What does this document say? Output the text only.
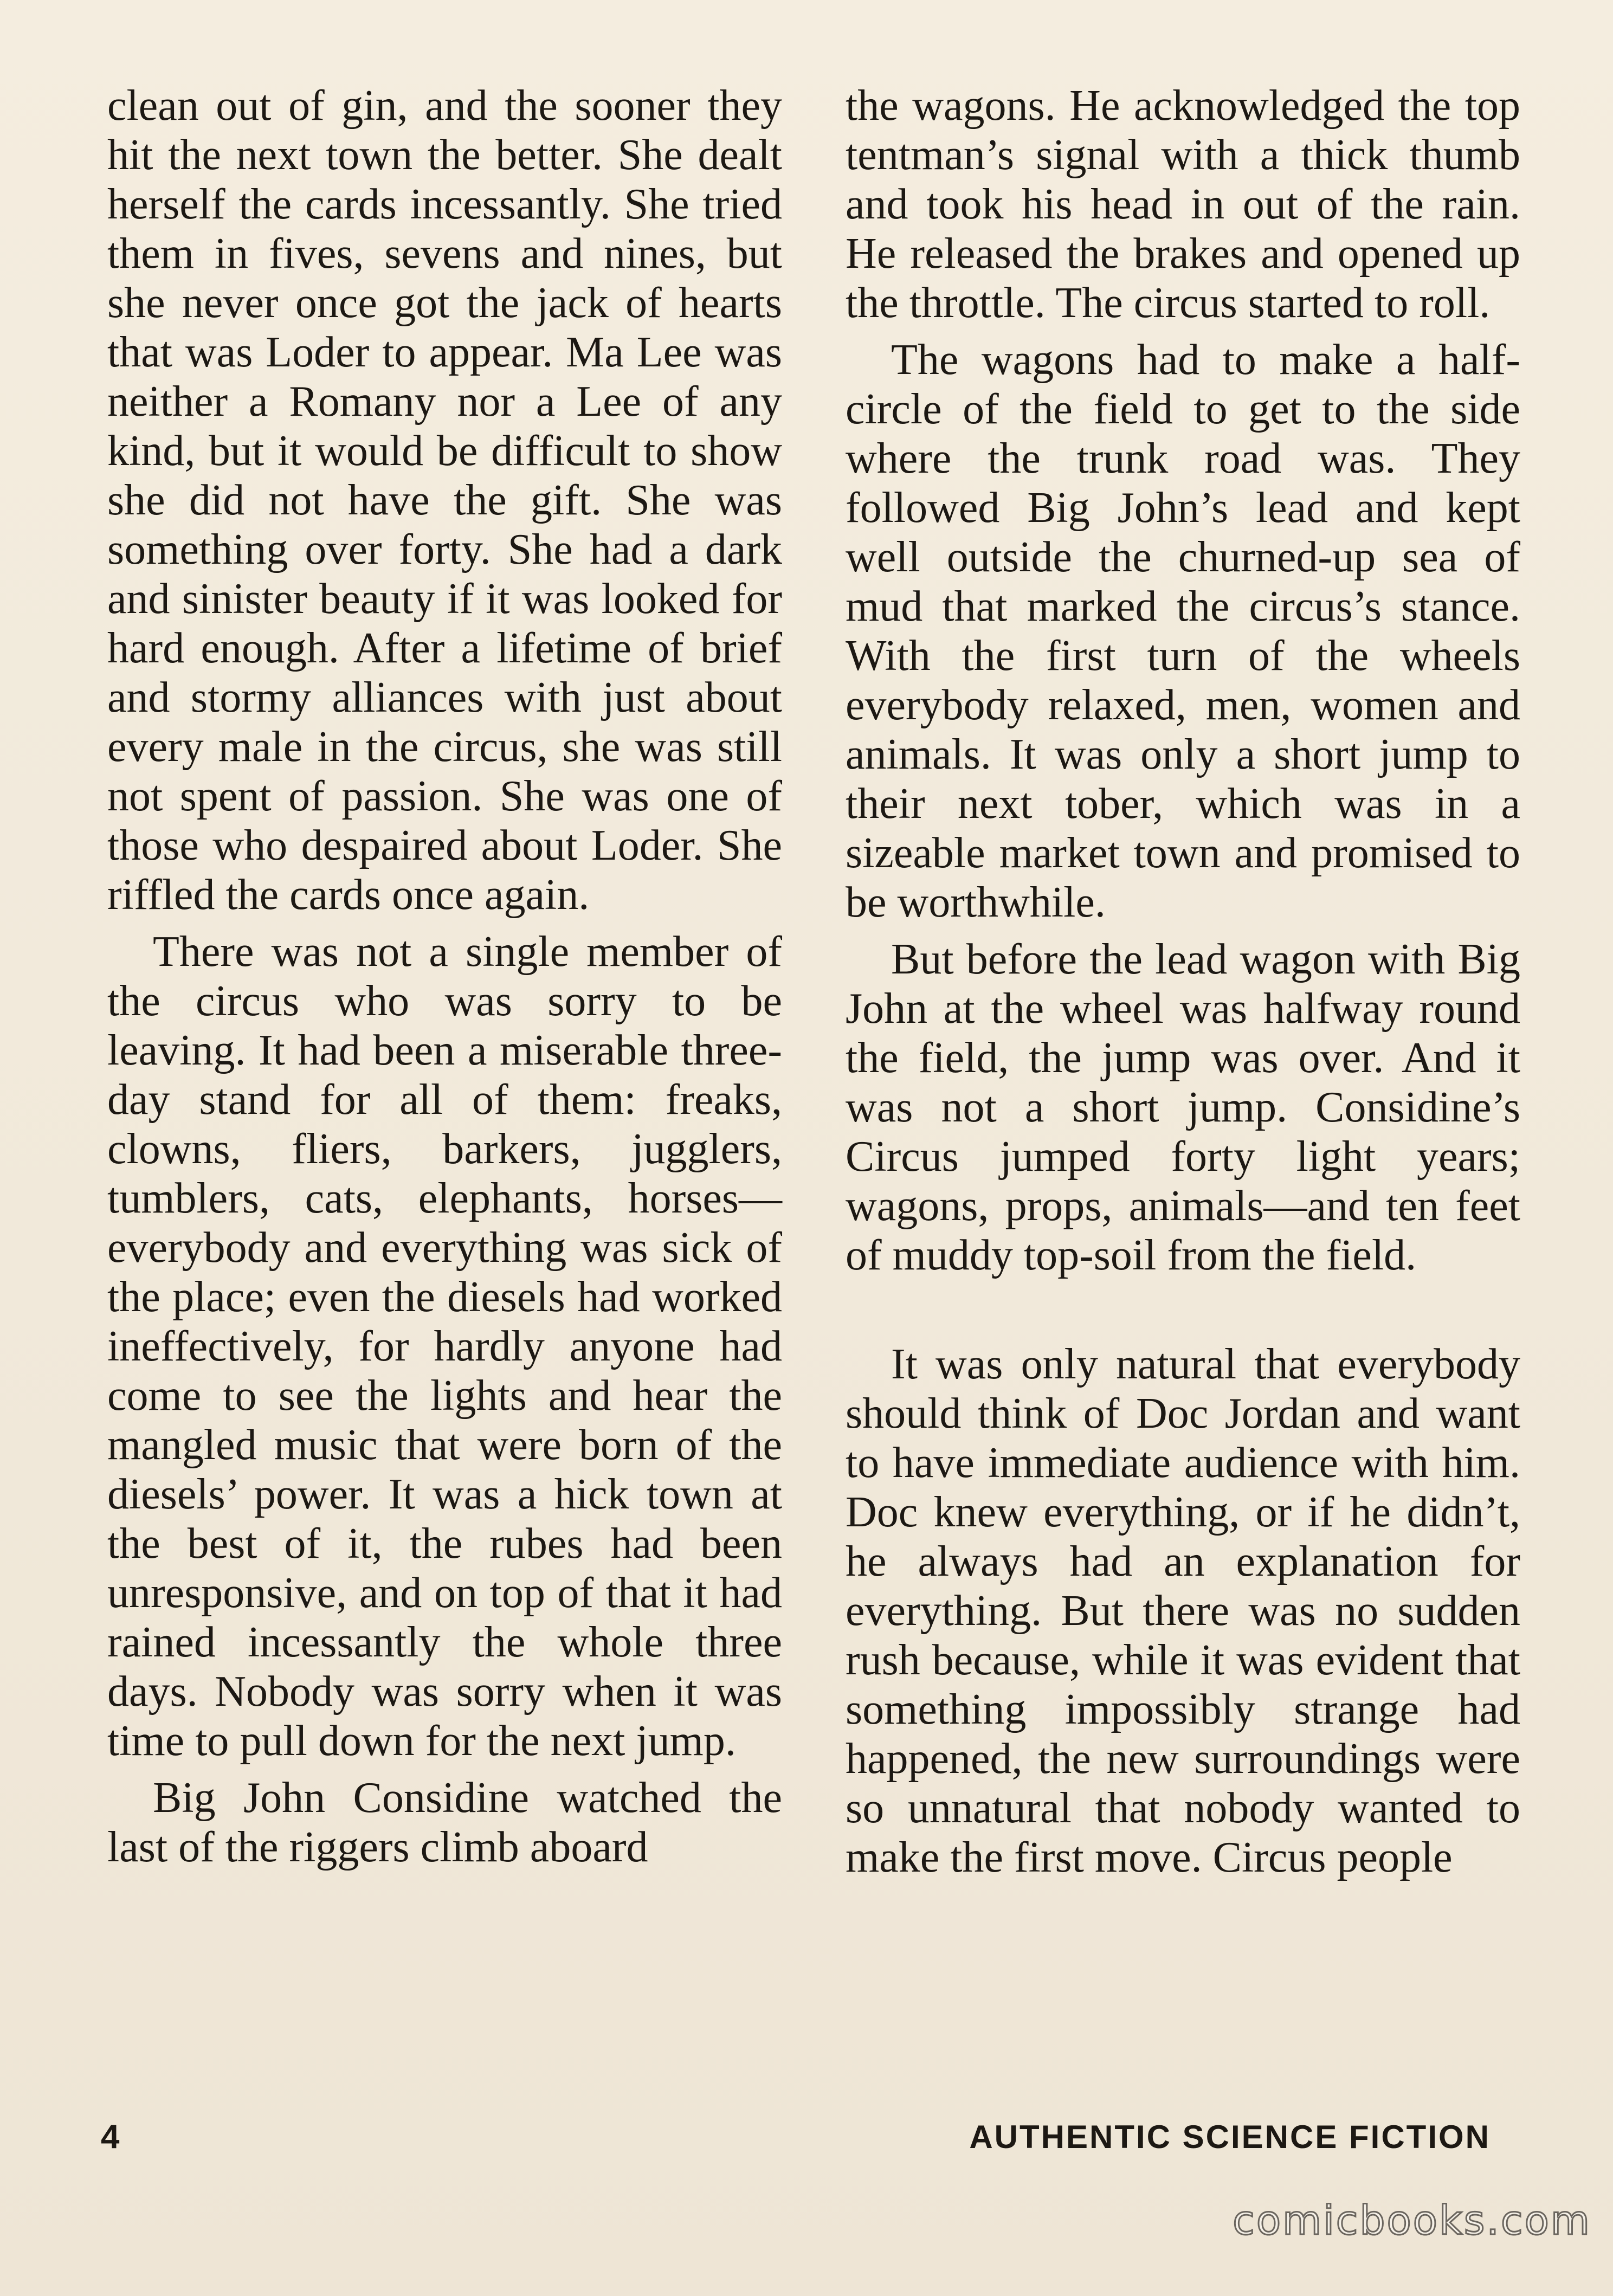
clean out of gin, and the sooner they hit the next town the better. She dealt herself the cards incessantly. She tried them in fives, sevens and nines, but she never once got the jack of hearts that was Loder to appear. Ma Lee was neither a Romany nor a Lee of any kind, but it would be difficult to show she did not have the gift. She was something over forty. She had a dark and sinister beauty if it was looked for hard enough. After a lifetime of brief and stormy alliances with just about every male in the circus, she was still not spent of passion. She was one of those who despaired about Loder. She riffled the cards once again.

There was not a single member of the circus who was sorry to be leaving. It had been a miserable three-day stand for all of them: freaks, clowns, fliers, barkers, jugglers, tumblers, cats, elephants, horses—everybody and everything was sick of the place; even the diesels had worked ineffectively, for hardly anyone had come to see the lights and hear the mangled music that were born of the diesels’ power. It was a hick town at the best of it, the rubes had been unresponsive, and on top of that it had rained incessantly the whole three days. Nobody was sorry when it was time to pull down for the next jump.

Big John Considine watched the last of the riggers climb aboard

the wagons. He acknowledged the top tentman’s signal with a thick thumb and took his head in out of the rain. He released the brakes and opened up the throttle. The circus started to roll.

The wagons had to make a half-circle of the field to get to the side where the trunk road was. They followed Big John’s lead and kept well outside the churned-up sea of mud that marked the circus’s stance. With the first turn of the wheels everybody relaxed, men, women and animals. It was only a short jump to their next tober, which was in a sizeable market town and promised to be worthwhile.

But before the lead wagon with Big John at the wheel was halfway round the field, the jump was over. And it was not a short jump. Considine’s Circus jumped forty light years; wagons, props, animals—and ten feet of muddy top-soil from the field.

It was only natural that everybody should think of Doc Jordan and want to have immediate audience with him. Doc knew everything, or if he didn’t, he always had an explanation for everything. But there was no sudden rush because, while it was evident that something impossibly strange had happened, the new surroundings were so unnatural that nobody wanted to make the first move. Circus people

4	AUTHENTIC SCIENCE FICTION
comicbooks.com
